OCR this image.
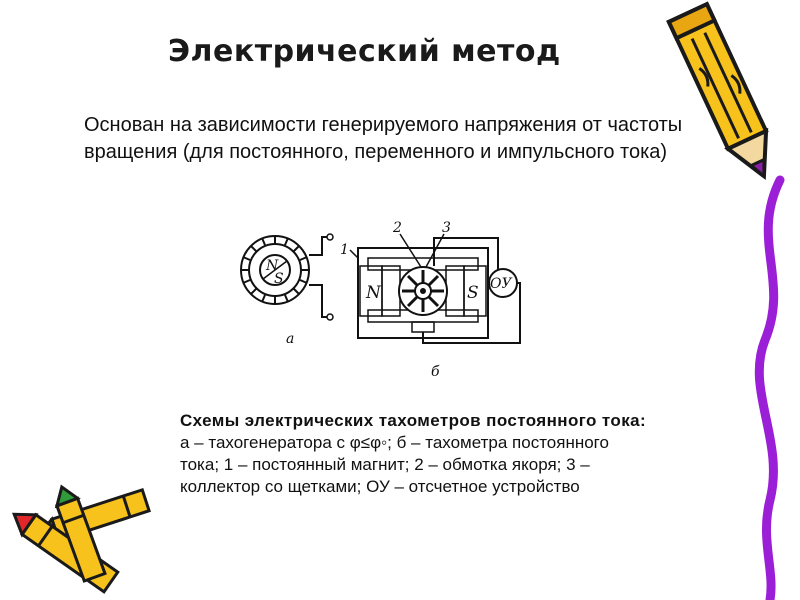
Электрический метод
Основан на зависимости генерируемого напряжения от частоты вращения (для постоянного, переменного и импульсного тока)
N
S
a
N	S
1
2	3
ОУ
б
Схемы электрических тахометров постоянного тока:
а – тахогенератора с φ≤φ◦; б – тахометра постоянного
тока; 1 – постоянный магнит; 2 – обмотка якоря; 3 –
коллектор со щетками; ОУ – отсчетное устройство
